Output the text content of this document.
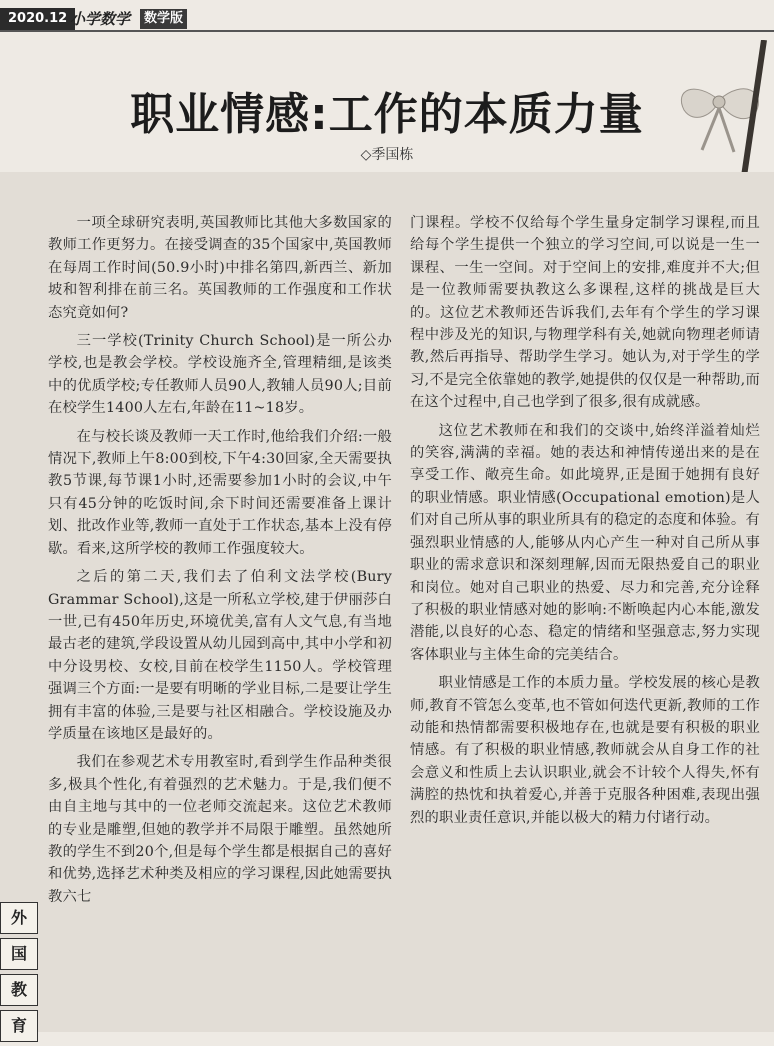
2020.12 小学数学	数学版
职业情感:工作的本质力量
◇季国栋

一项全球研究表明,英国教师比其他大多数国家的教师工作更努力。在接受调查的35个国家中,英国教师在每周工作时间(50.9小时)中排名第四,新西兰、新加坡和智利排在前三名。英国教师的工作强度和工作状态究竟如何?

三一学校(Trinity Church School)是一所公办学校,也是教会学校。学校设施齐全,管理精细,是该类中的优质学校;专任教师人员90人,教辅人员90人;目前在校学生1400人左右,年龄在11~18岁。

在与校长谈及教师一天工作时,他给我们介绍:一般情况下,教师上午8:00到校,下午4:30回家,全天需要执教5节课,每节课1小时,还需要参加1小时的会议,中午只有45分钟的吃饭时间,余下时间还需要准备上课计划、批改作业等,教师一直处于工作状态,基本上没有停歇。看来,这所学校的教师工作强度较大。

之后的第二天,我们去了伯利文法学校(Bury Grammar School),这是一所私立学校,建于伊丽莎白一世,已有450年历史,环境优美,富有人文气息,有当地最古老的建筑,学段设置从幼儿园到高中,其中小学和初中分设男校、女校,目前在校学生1150人。学校管理强调三个方面:一是要有明晰的学业目标,二是要让学生拥有丰富的体验,三是要与社区相融合。学校设施及办学质量在该地区是最好的。

我们在参观艺术专用教室时,看到学生作品种类很多,极具个性化,有着强烈的艺术魅力。于是,我们便不由自主地与其中的一位老师交流起来。这位艺术教师的专业是雕塑,但她的教学并不局限于雕塑。虽然她所教的学生不到20个,但是每个学生都是根据自己的喜好和优势,选择艺术种类及相应的学习课程,因此她需要执教六七

门课程。学校不仅给每个学生量身定制学习课程,而且给每个学生提供一个独立的学习空间,可以说是一生一课程、一生一空间。对于空间上的安排,难度并不大;但是一位教师需要执教这么多课程,这样的挑战是巨大的。这位艺术教师还告诉我们,去年有个学生的学习课程中涉及光的知识,与物理学科有关,她就向物理老师请教,然后再指导、帮助学生学习。她认为,对于学生的学习,不是完全依靠她的教学,她提供的仅仅是一种帮助,而在这个过程中,自己也学到了很多,很有成就感。

这位艺术教师在和我们的交谈中,始终洋溢着灿烂的笑容,满满的幸福。她的表达和神情传递出来的是在享受工作、敞亮生命。如此境界,正是囿于她拥有良好的职业情感。职业情感(Occupational emotion)是人们对自己所从事的职业所具有的稳定的态度和体验。有强烈职业情感的人,能够从内心产生一种对自己所从事职业的需求意识和深刻理解,因而无限热爱自己的职业和岗位。她对自己职业的热爱、尽力和完善,充分诠释了积极的职业情感对她的影响:不断唤起内心本能,激发潜能,以良好的心态、稳定的情绪和坚强意志,努力实现客体职业与主体生命的完美结合。

职业情感是工作的本质力量。学校发展的核心是教师,教育不管怎么变革,也不管如何迭代更新,教师的工作动能和热情都需要积极地存在,也就是要有积极的职业情感。有了积极的职业情感,教师就会从自身工作的社会意义和性质上去认识职业,就会不计较个人得失,怀有满腔的热忱和执着爱心,并善于克服各种困难,表现出强烈的职业责任意识,并能以极大的精力付诸行动。

外
国
教
育
